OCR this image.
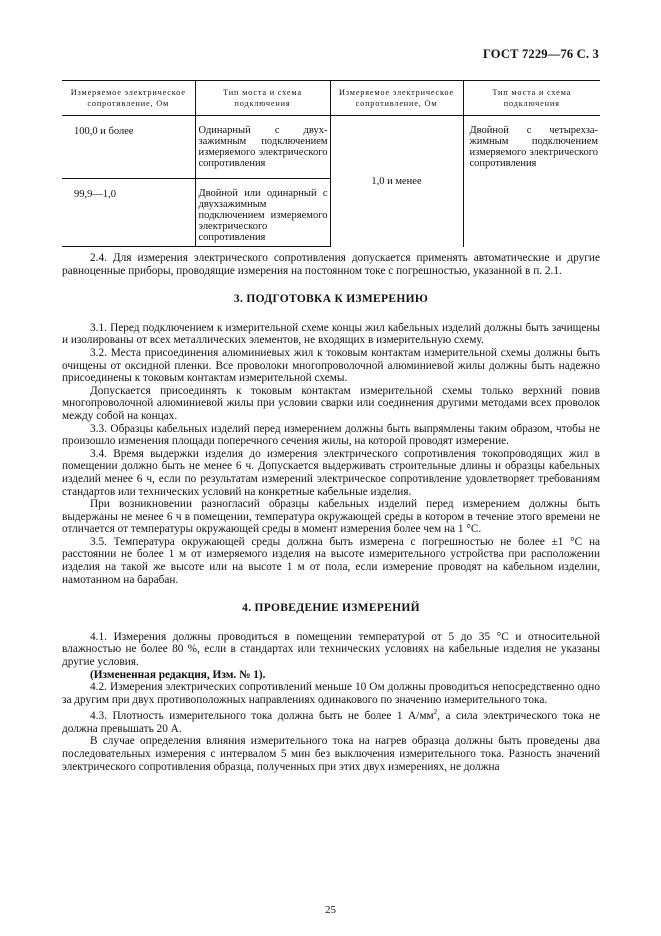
ГОСТ 7229—76 С. 3
Измеряемое электрическое сопротивление, Ом	Тип моста и схема подключения	Измеряемое электрическое сопротивление, Ом	Тип моста и схема подключения
100,0 и более	Одинарный с двух-зажимным подключением измеряемого электрического сопротивления	1,0 и менее	Двойной с четырехза-жимным подключением измеряемого электрического сопротивления
99,9—1,0	Двойной или одинарный с двухзажимным подключением измеряемого электрического сопротивления		

2.4. Для измерения электрического сопротивления допускается применять автоматические и другие равноценные приборы, проводящие измерения на постоянном токе с погрешностью, указанной в п. 2.1.

3. ПОДГОТОВКА К ИЗМЕРЕНИЮ

3.1. Перед подключением к измерительной схеме концы жил кабельных изделий должны быть зачищены и изолированы от всех металлических элементов, не входящих в измерительную схему.

3.2. Места присоединения алюминиевых жил к токовым контактам измерительной схемы должны быть очищены от оксидной пленки. Все проволоки многопроволочной алюминиевой жилы должны быть надежно присоединены к токовым контактам измерительной схемы.

Допускается присоединять к токовым контактам измерительной схемы только верхний повив многопроволочной алюминиевой жилы при условии сварки или соединения другими методами всех проволок между собой на концах.

3.3. Образцы кабельных изделий перед измерением должны быть выпрямлены таким образом, чтобы не произошло изменения площади поперечного сечения жилы, на которой проводят измерение.

3.4. Время выдержки изделия до измерения электрического сопротивления токопроводящих жил в помещении должно быть не менее 6 ч. Допускается выдерживать строительные длины и образцы кабельных изделий менее 6 ч, если по результатам измерений электрическое сопротивление удовлетворяет требованиям стандартов или технических условий на конкретные кабельные изделия.

При возникновении разногласий образцы кабельных изделий перед измерением должны быть выдержаны не менее 6 ч в помещении, температура окружающей среды в котором в течение этого времени не отличается от температуры окружающей среды в момент измерения более чем на 1 °С.

3.5. Температура окружающей среды должна быть измерена с погрешностью не более ±1 °С на расстоянии не более 1 м от измеряемого изделия на высоте измерительного устройства при расположении изделия на такой же высоте или на высоте 1 м от пола, если измерение проводят на кабельном изделии, намотанном на барабан.

4. ПРОВЕДЕНИЕ ИЗМЕРЕНИЙ

4.1. Измерения должны проводиться в помещении температурой от 5 до 35 °С и относительной влажностью не более 80 %, если в стандартах или технических условиях на кабельные изделия не указаны другие условия.

(Измененная редакция, Изм. № 1).

4.2. Измерения электрических сопротивлений меньше 10 Ом должны проводиться непосредственно одно за другим при двух противоположных направлениях одинакового по значению измерительного тока.

4.3. Плотность измерительного тока должна быть не более 1 $А/мм^2$, а сила электрического тока не должна превышать 20 А.

В случае определения влияния измерительного тока на нагрев образца должны быть проведены два последовательных измерения с интервалом 5 мин без выключения измерительного тока. Разность значений электрического сопротивления образца, полученных при этих двух измерениях, не должна

25
